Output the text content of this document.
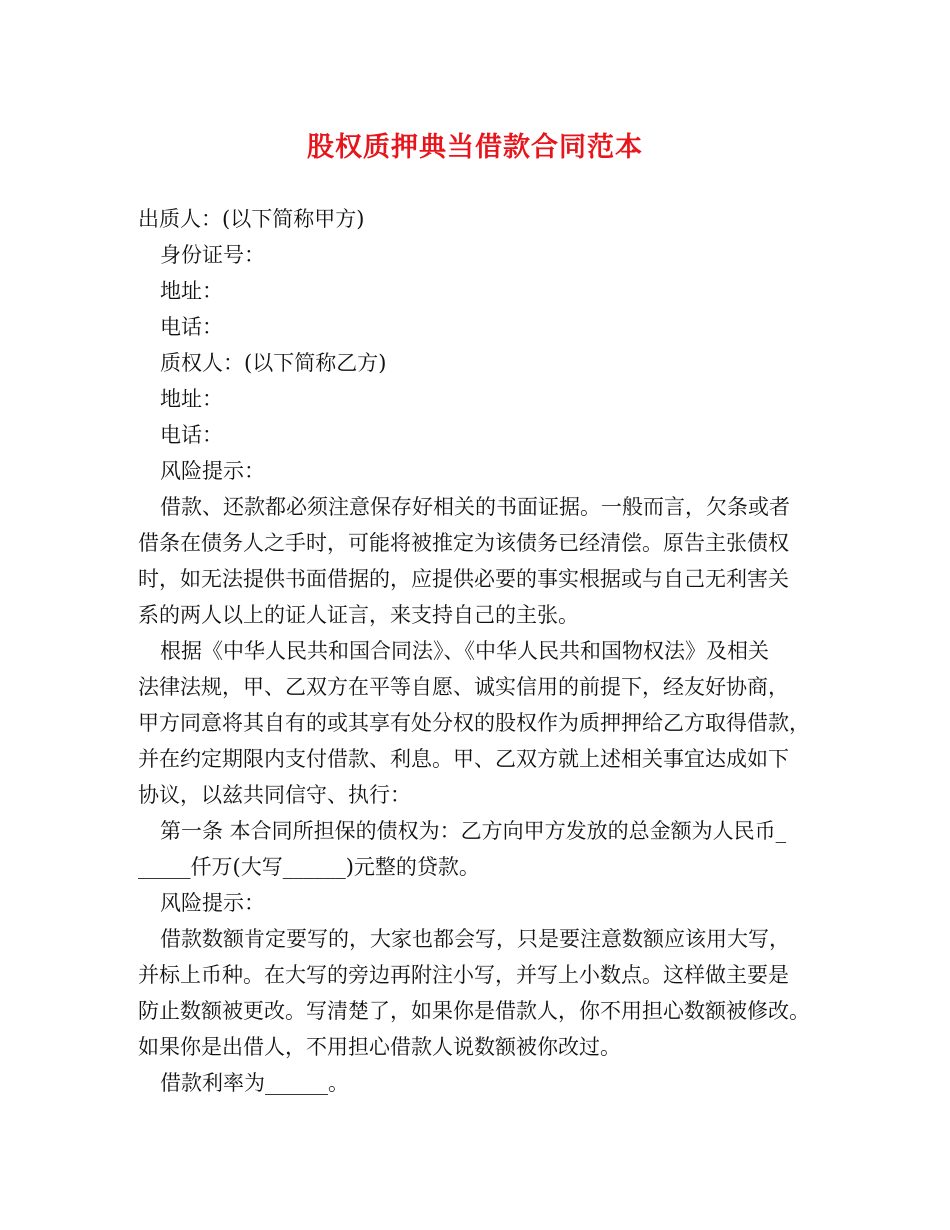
股权质押典当借款合同范本
出质人：(以下简称甲方)
身份证号：
地址：
电话：
质权人：(以下简称乙方)
地址：
电话：
风险提示：
借款、还款都必须注意保存好相关的书面证据。一般而言，欠条或者
借条在债务人之手时，可能将被推定为该债务已经清偿。原告主张债权
时，如无法提供书面借据的，应提供必要的事实根据或与自己无利害关
系的两人以上的证人证言，来支持自己的主张。
根据《中华人民共和国合同法》、《中华人民共和国物权法》及相关
法律法规，甲、乙双方在平等自愿、诚实信用的前提下，经友好协商，
甲方同意将其自有的或其享有处分权的股权作为质押押给乙方取得借款，
并在约定期限内支付借款、利息。甲、乙双方就上述相关事宜达成如下
协议，以兹共同信守、执行：
第一条 本合同所担保的债权为：乙方向甲方发放的总金额为人民币_
_____仟万(大写______)元整的贷款。
风险提示：
借款数额肯定要写的，大家也都会写，只是要注意数额应该用大写，
并标上币种。在大写的旁边再附注小写，并写上小数点。这样做主要是
防止数额被更改。写清楚了，如果你是借款人，你不用担心数额被修改。
如果你是出借人，不用担心借款人说数额被你改过。
借款利率为______。
